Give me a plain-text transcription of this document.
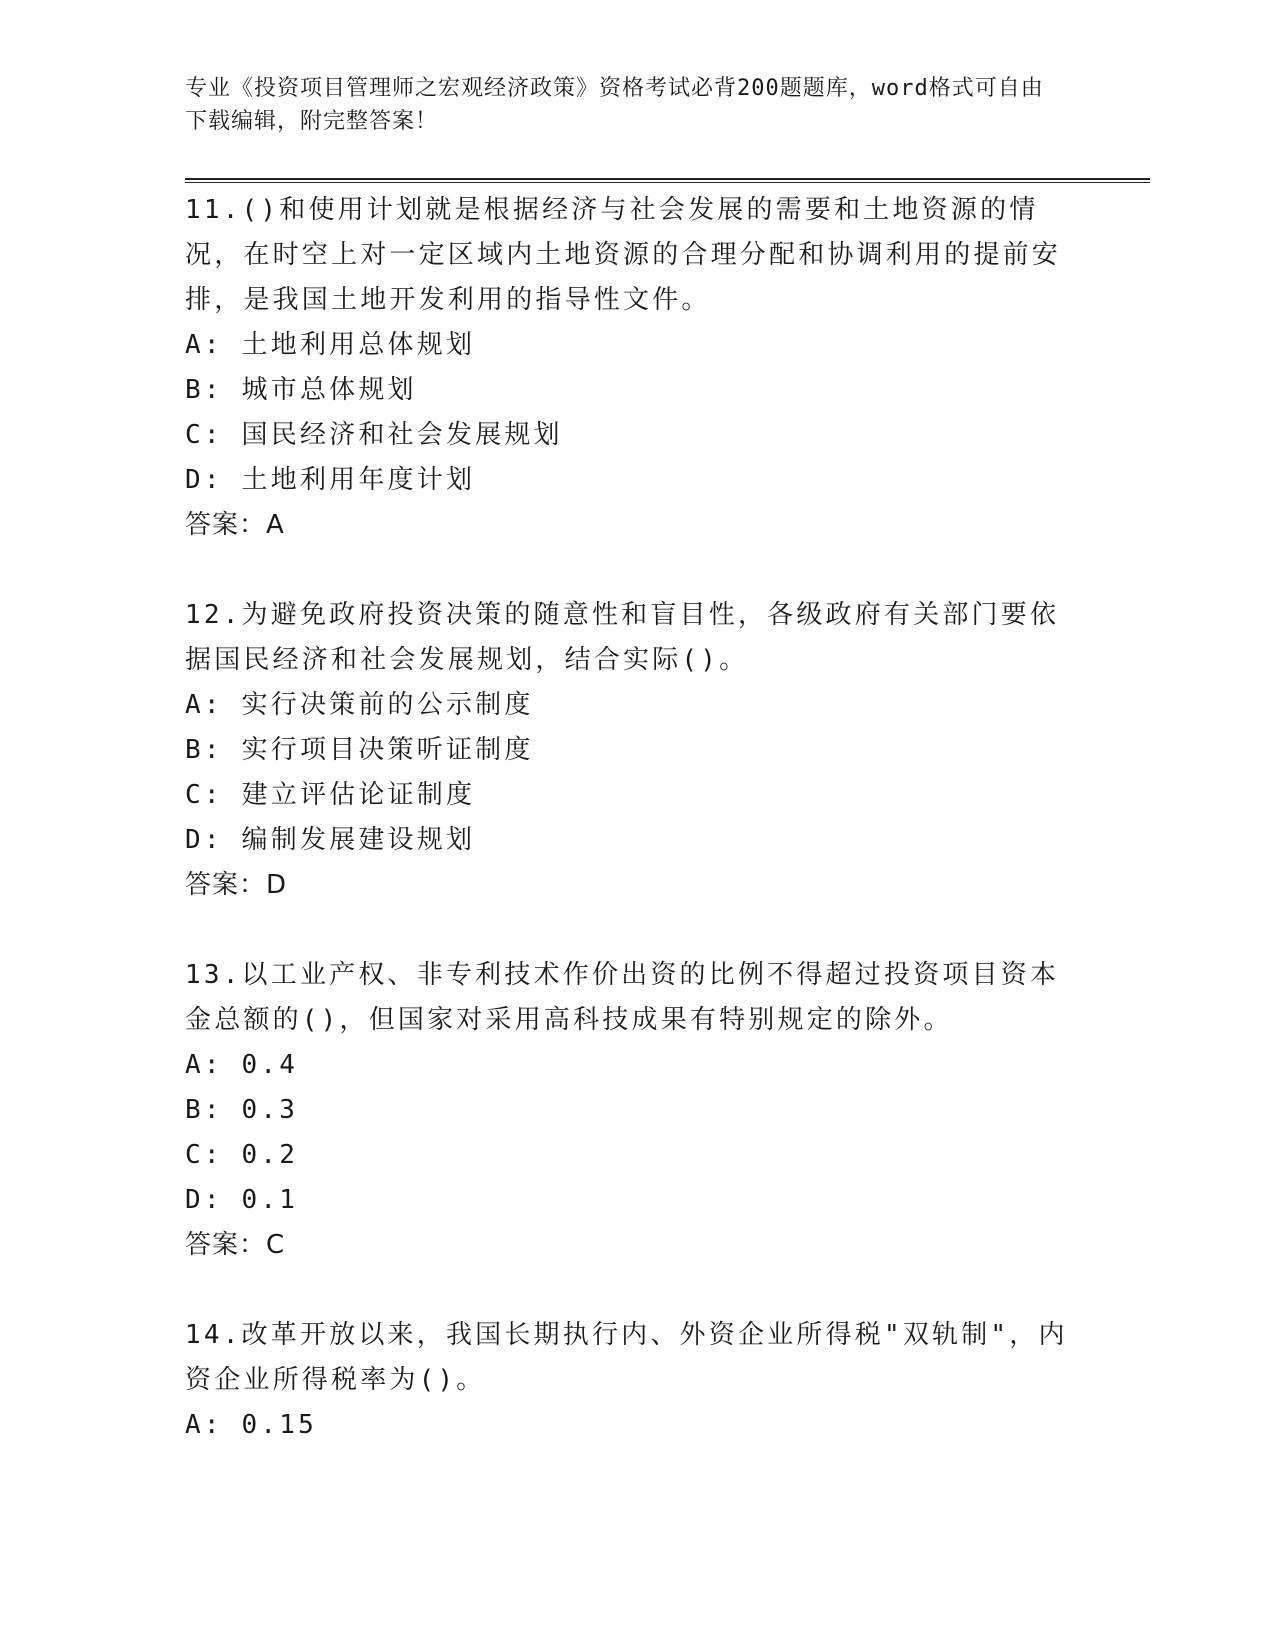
专业《投资项目管理师之宏观经济政策》资格考试必背200题题库，word格式可自由下载编辑，附完整答案！
11.()和使用计划就是根据经济与社会发展的需要和土地资源的情况，在时空上对一定区域内土地资源的合理分配和协调利用的提前安排，是我国土地开发利用的指导性文件。
A: 土地利用总体规划
B: 城市总体规划
C: 国民经济和社会发展规划
D: 土地利用年度计划
答案：A
12.为避免政府投资决策的随意性和盲目性，各级政府有关部门要依据国民经济和社会发展规划，结合实际()。
A: 实行决策前的公示制度
B: 实行项目决策听证制度
C: 建立评估论证制度
D: 编制发展建设规划
答案：D
13.以工业产权、非专利技术作价出资的比例不得超过投资项目资本金总额的()，但国家对采用高科技成果有特别规定的除外。
A: 0.4
B: 0.3
C: 0.2
D: 0.1
答案：C
14.改革开放以来，我国长期执行内、外资企业所得税"双轨制"，内资企业所得税率为()。
A: 0.15
